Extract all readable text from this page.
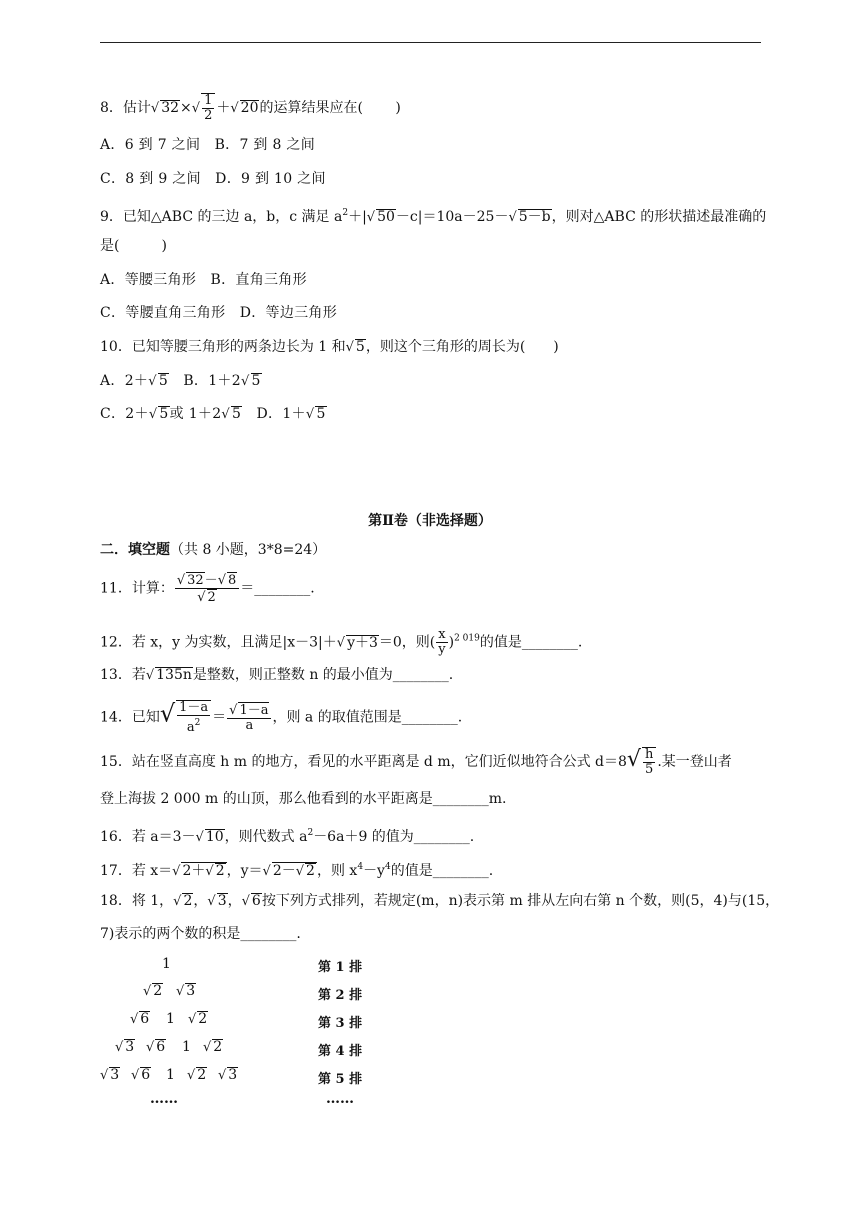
8．估计√ $32\times√ \frac{1}{2}$ ＋√ 20的运算结果应在(　　 )
A．6 到 7 之间　B．7 到 8 之间
C．8 到 9 之间　D．9 到 10 之间
9．已知△ABC 的三边 a，b，c 满足 $a^2+|√$ 50－c|＝10a－25－√ 5－b，则对△ABC 的形状描述最准确的
是(　　　)
A．等腰三角形　B．直角三角形
C．等腰直角三角形　D．等边三角形
10．已知等腰三角形的两条边长为 1 和√ 5，则这个三角形的周长为(　　)
A．2＋√ 5　B．1＋2√ 5
C．2＋√ 5或 1＋2√ 5　D．1＋√ 5
第Ⅱ卷（非选择题）
二．填空题（共 8 小题，3*8=24）
11．计算： $\frac{√ 32-√ 8}{√ 2}$ ＝________.
12．若 x，y 为实数，且满足|x－3|＋√ y＋3＝0，则( $\frac{x}{y} )^{2 019}$的值是________.
13．若√ 135n是整数，则正整数 n 的最小值为________.
14．已知√ $\frac{1-a}{a^2} = \frac{√ 1-a}{a}$ ，则 a 的取值范围是________.
15．站在竖直高度 h m 的地方，看见的水平距离是 d m，它们近似地符合公式 $d=8√ \frac{h}{5}$ .某一登山者
登上海拔 2 000 m 的山顶，那么他看到的水平距离是________m.
16．若 a＝3－√ 10，则代数式 $a^2-6a+9$ 的值为________.
17．若 x＝√ 2＋√ 2 ，y＝√ 2－√ 2 ，则 $x^4-y^4$的值是________.
18．将 1，√ 2，√ 3，√ 6按下列方式排列，若规定(m，n)表示第 m 排从左向右第 n 个数，则(5，4)与(15，
7)表示的两个数的积是________.
1
√ 2 √ 3
√ 6 1 √ 2
√ 3 √ 6 1 √ 2
√ 3 √ 6 1 √ 2 √ 3
……
第 1 排
第 2 排
第 3 排
第 4 排
第 5 排
……
